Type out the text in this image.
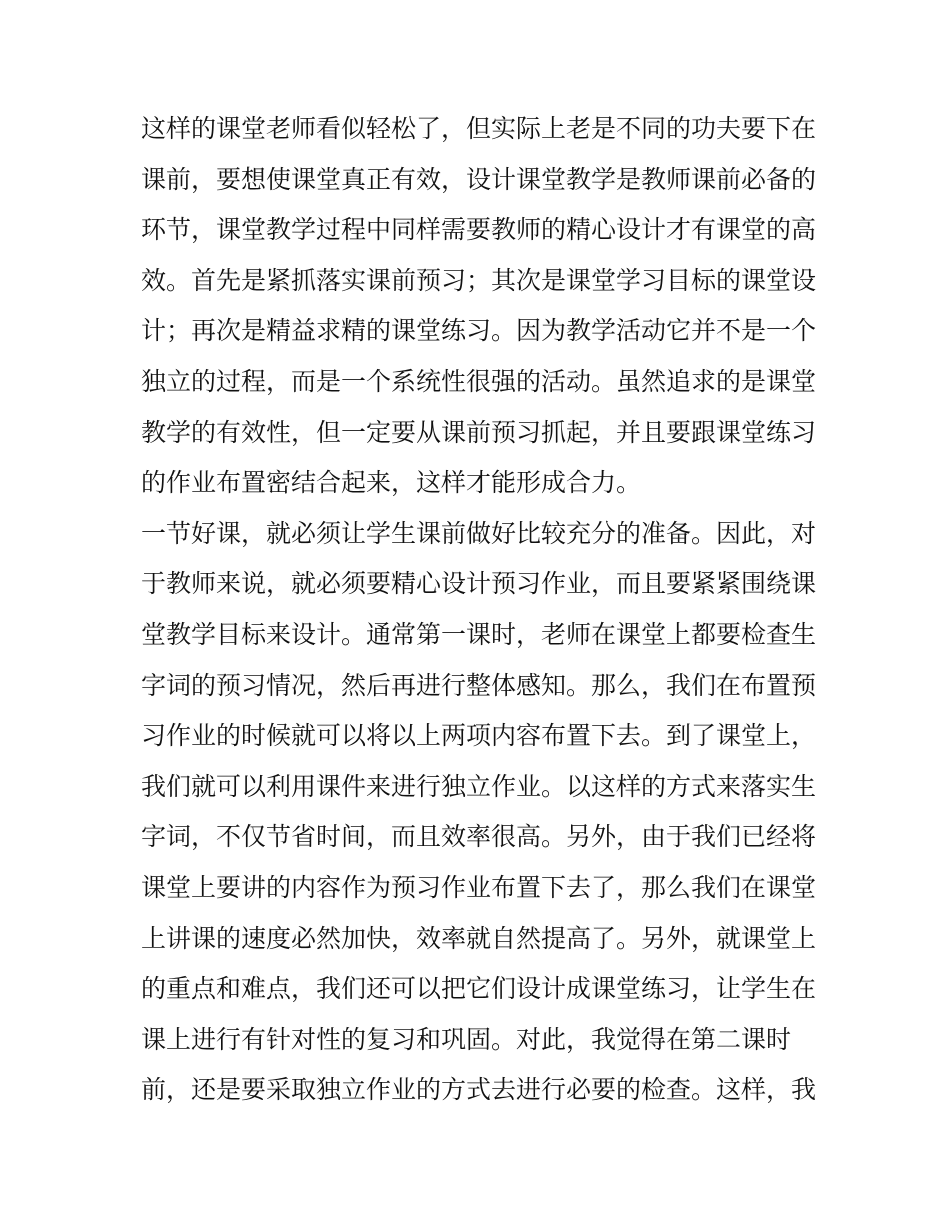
这样的课堂老师看似轻松了，但实际上老是不同的功夫要下在
课前，要想使课堂真正有效，设计课堂教学是教师课前必备的
环节，课堂教学过程中同样需要教师的精心设计才有课堂的高
效。首先是紧抓落实课前预习；其次是课堂学习目标的课堂设
计；再次是精益求精的课堂练习。因为教学活动它并不是一个
独立的过程，而是一个系统性很强的活动。虽然追求的是课堂
教学的有效性，但一定要从课前预习抓起，并且要跟课堂练习
的作业布置密结合起来，这样才能形成合力。
一节好课，就必须让学生课前做好比较充分的准备。因此，对
于教师来说，就必须要精心设计预习作业，而且要紧紧围绕课
堂教学目标来设计。通常第一课时，老师在课堂上都要检查生
字词的预习情况，然后再进行整体感知。那么，我们在布置预
习作业的时候就可以将以上两项内容布置下去。到了课堂上，
我们就可以利用课件来进行独立作业。以这样的方式来落实生
字词，不仅节省时间，而且效率很高。另外，由于我们已经将
课堂上要讲的内容作为预习作业布置下去了，那么我们在课堂
上讲课的速度必然加快，效率就自然提高了。另外，就课堂上
的重点和难点，我们还可以把它们设计成课堂练习，让学生在
课上进行有针对性的复习和巩固。对此，我觉得在第二课时
前，还是要采取独立作业的方式去进行必要的检查。这样，我
